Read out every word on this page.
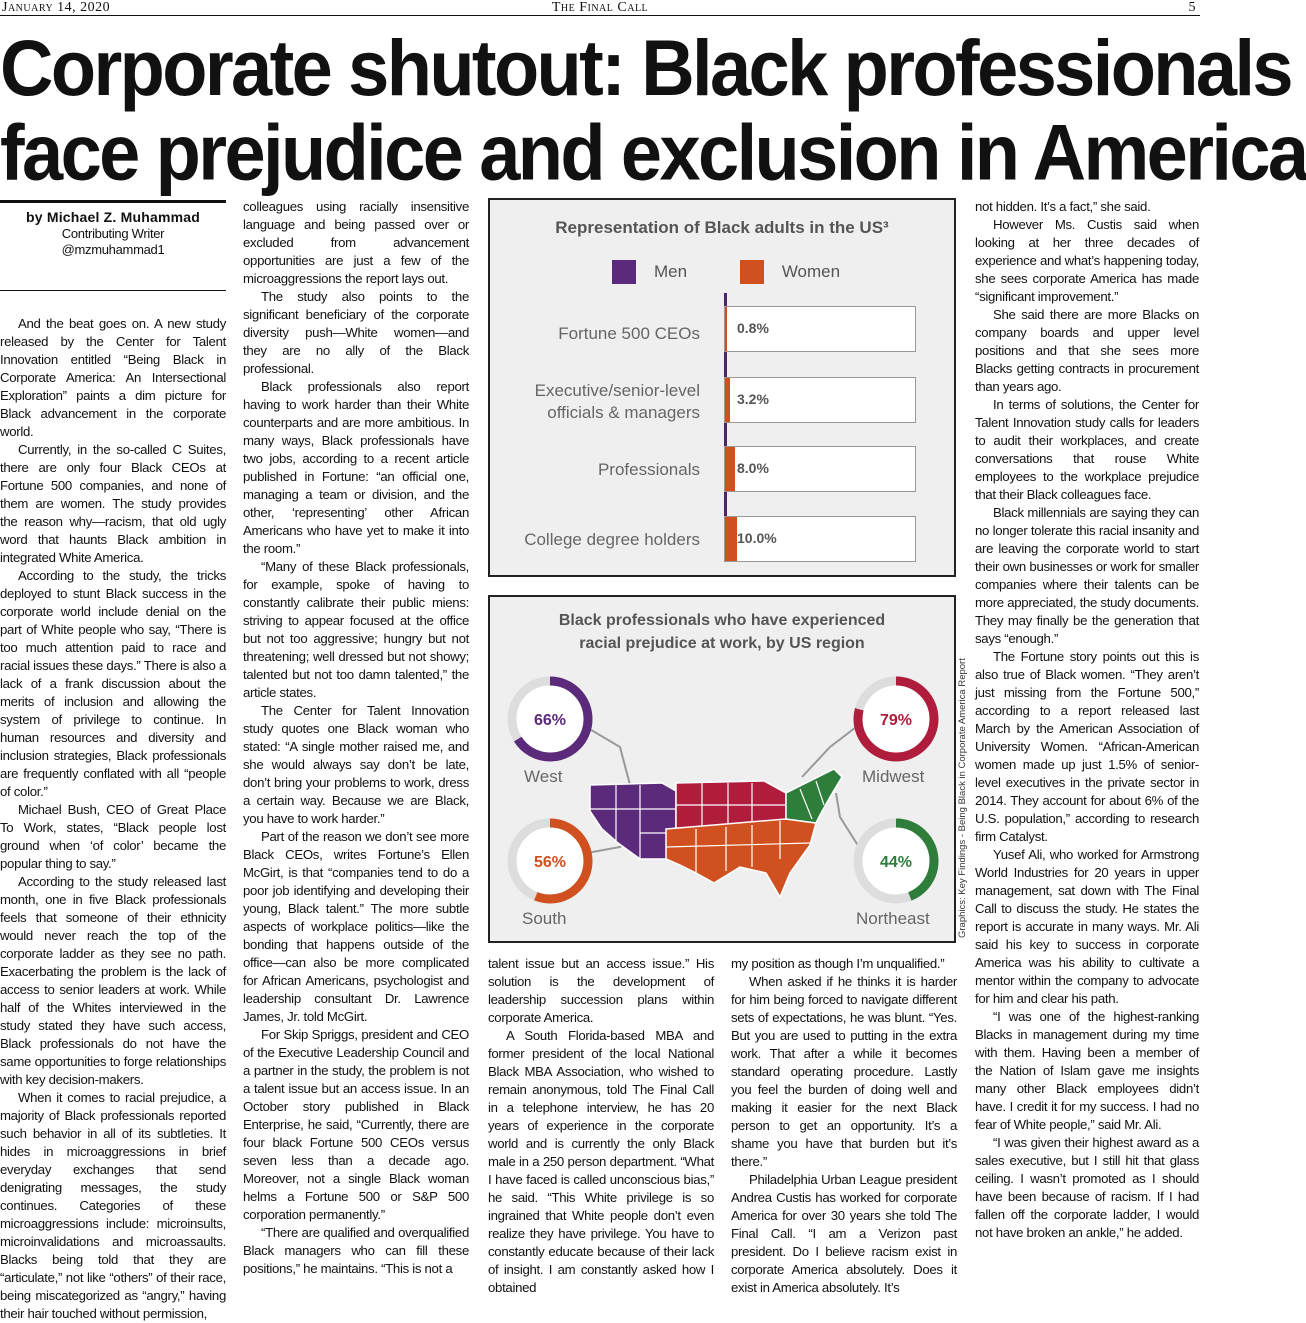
January 14, 2020	The Final Call	5
Corporate shutout: Black professionals
face prejudice and exclusion in America
by Michael Z. Muhammad
Contributing Writer
@mzmuhammad1

And the beat goes on. A new study released by the Center for Talent Innovation entitled “Being Black in Corporate America: An Intersectional Exploration” paints a dim picture for Black advancement in the corporate world.

Currently, in the so-called C Suites, there are only four Black CEOs at Fortune 500 companies, and none of them are women. The study provides the reason why—racism, that old ugly word that haunts Black ambition in integrated White America.

According to the study, the tricks deployed to stunt Black success in the corporate world include denial on the part of White people who say, “There is too much attention paid to race and racial issues these days.” There is also a lack of a frank discussion about the merits of inclusion and allowing the system of privilege to continue. In human resources and diversity and inclusion strategies, Black professionals are frequently conflated with all “people of color.”

Michael Bush, CEO of Great Place To Work, states, “Black people lost ground when ‘of color’ became the popular thing to say.”

According to the study released last month, one in five Black professionals feels that someone of their ethnicity would never reach the top of the corporate ladder as they see no path. Exacerbating the problem is the lack of access to senior leaders at work. While half of the Whites interviewed in the study stated they have such access, Black professionals do not have the same opportunities to forge relationships with key decision-makers.

When it comes to racial prejudice, a majority of Black professionals reported such behavior in all of its subtleties. It hides in microaggressions in brief everyday exchanges that send denigrating messages, the study continues. Categories of these microaggressions include: microinsults, microinvalidations and microassaults. Blacks being told that they are “articulate,” not like “others” of their race, being miscategorized as “angry,” having their hair touched without permission,

colleagues using racially insensitive language and being passed over or excluded from advancement opportunities are just a few of the microaggressions the report lays out.

The study also points to the significant beneficiary of the corporate diversity push—White women—and they are no ally of the Black professional.

Black professionals also report having to work harder than their White counterparts and are more ambitious. In many ways, Black professionals have two jobs, according to a recent article published in Fortune: “an official one, managing a team or division, and the other, ‘representing’ other African Americans who have yet to make it into the room.”

“Many of these Black professionals, for example, spoke of having to constantly calibrate their public miens: striving to appear focused at the office but not too aggressive; hungry but not threatening; well dressed but not showy; talented but not too damn talented,” the article states.

The Center for Talent Innovation study quotes one Black woman who stated: “A single mother raised me, and she would always say don’t be late, don’t bring your problems to work, dress a certain way. Because we are Black, you have to work harder.”

Part of the reason we don’t see more Black CEOs, writes Fortune’s Ellen McGirt, is that “companies tend to do a poor job identifying and developing their young, Black talent.” The more subtle aspects of workplace politics—like the bonding that happens outside of the office—can also be more complicated for African Americans, psychologist and leadership consultant Dr. Lawrence James, Jr. told McGirt.

For Skip Spriggs, president and CEO of the Executive Leadership Council and a partner in the study, the problem is not a talent issue but an access issue. In an October story published in Black Enterprise, he said, “Currently, there are four black Fortune 500 CEOs versus seven less than a decade ago. Moreover, not a single Black woman helms a Fortune 500 or S&P 500 corporation permanently.”

“There are qualified and overqualified Black managers who can fill these positions,” he maintains. “This is not a

Representation of Black adults in the US³
Men	Women
Fortune 500 CEOs	0.8%
Executive/senior-level officials & managers
3.2%
Professionals	8.0%
College degree holders	10.0%
Black professionals who have experienced
racial prejudice at work, by US region
66%	79%
56%	44%
West	Midwest
South	Northeast	Graphics: Key Findings - Being Black in Corporate America Report

talent issue but an access issue.” His solution is the development of leadership succession plans within corporate America.

A South Florida-based MBA and former president of the local National Black MBA Association, who wished to remain anonymous, told The Final Call in a telephone interview, he has 20 years of experience in the corporate world and is currently the only Black male in a 250 person department. “What I have faced is called unconscious bias,” he said. “This White privilege is so ingrained that White people don’t even realize they have privilege. You have to constantly educate because of their lack of insight. I am constantly asked how I obtained

my position as though I’m unqualified.”

When asked if he thinks it is harder for him being forced to navigate different sets of expectations, he was blunt. “Yes. But you are used to putting in the extra work. That after a while it becomes standard operating procedure. Lastly you feel the burden of doing well and making it easier for the next Black person to get an opportunity. It’s a shame you have that burden but it’s there.”

Philadelphia Urban League president Andrea Custis has worked for corporate America for over 30 years she told The Final Call. “I am a Verizon past president. Do I believe racism exist in corporate America absolutely. Does it exist in America absolutely. It’s

not hidden. It’s a fact,” she said.

However Ms. Custis said when looking at her three decades of experience and what’s happening today, she sees corporate America has made “significant improvement.”

She said there are more Blacks on company boards and upper level positions and that she sees more Blacks getting contracts in procurement than years ago.

In terms of solutions, the Center for Talent Innovation study calls for leaders to audit their workplaces, and create conversations that rouse White employees to the workplace prejudice that their Black colleagues face.

Black millennials are saying they can no longer tolerate this racial insanity and are leaving the corporate world to start their own businesses or work for smaller companies where their talents can be more appreciated, the study documents. They may finally be the generation that says “enough.”

The Fortune story points out this is also true of Black women. “They aren’t just missing from the Fortune 500,” according to a report released last March by the American Association of University Women. “African-American women made up just 1.5% of senior-level executives in the private sector in 2014. They account for about 6% of the U.S. population,” according to research firm Catalyst.

Yusef Ali, who worked for Armstrong World Industries for 20 years in upper management, sat down with The Final Call to discuss the study. He states the report is accurate in many ways. Mr. Ali said his key to success in corporate America was his ability to cultivate a mentor within the company to advocate for him and clear his path.

“I was one of the highest-ranking Blacks in management during my time with them. Having been a member of the Nation of Islam gave me insights many other Black employees didn’t have. I credit it for my success. I had no fear of White people,” said Mr. Ali.

“I was given their highest award as a sales executive, but I still hit that glass ceiling. I wasn’t promoted as I should have been because of racism. If I had fallen off the corporate ladder, I would not have broken an ankle,” he added.
